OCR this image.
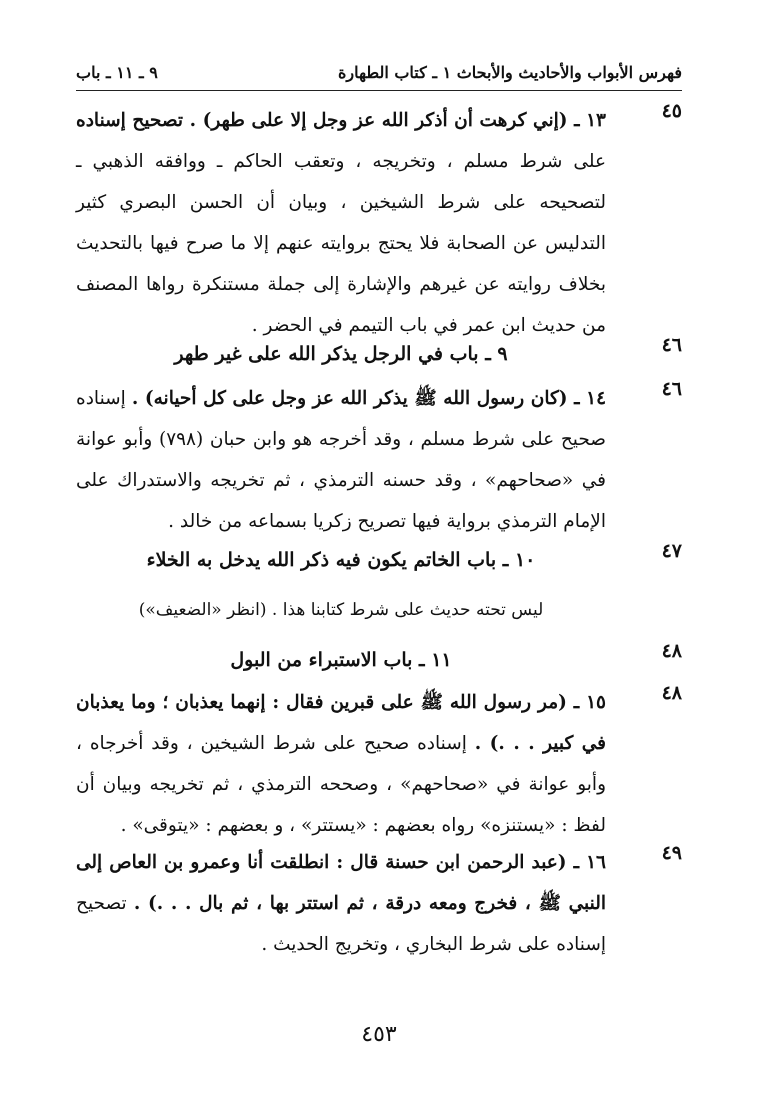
فهرس الأبواب والأحاديث والأبحاث ١ ـ كتاب الطهارة
٩ ـ ١١ ـ باب
٤٥
١٣ ـ (إني كرهت أن أذكر الله عز وجل إلا على طهر) . تصحيح إسناده على شرط مسلم ، وتخريجه ، وتعقب الحاكم ـ ووافقه الذهبي ـ لتصحيحه على شرط الشيخين ، وبيان أن الحسن البصري كثير التدليس عن الصحابة فلا يحتج بروايته عنهم إلا ما صرح فيها بالتحديث بخلاف روايته عن غيرهم والإشارة إلى جملة مستنكرة رواها المصنف من حديث ابن عمر في باب التيمم في الحضر .
٤٦
٩ ـ باب في الرجل يذكر الله على غير طهر
٤٦
١٤ ـ (كان رسول الله ﷺ يذكر الله عز وجل على كل أحيانه) . إسناده صحيح على شرط مسلم ، وقد أخرجه هو وابن حبان (٧٩٨) وأبو عوانة في «صحاحهم» ، وقد حسنه الترمذي ، ثم تخريجه والاستدراك على الإمام الترمذي برواية فيها تصريح زكريا بسماعه من خالد .
٤٧
١٠ ـ باب الخاتم يكون فيه ذكر الله يدخل به الخلاء
ليس تحته حديث على شرط كتابنا هذا . (انظر «الضعيف»)
٤٨
١١ ـ باب الاستبراء من البول
٤٨
١٥ ـ (مر رسول الله ﷺ على قبرين فقال : إنهما يعذبان ؛ وما يعذبان في كبير . . .) . إسناده صحيح على شرط الشيخين ، وقد أخرجاه ، وأبو عوانة في «صحاحهم» ، وصححه الترمذي ، ثم تخريجه وبيان أن لفظ : «يستنزه» رواه بعضهم : «يستتر» ، و بعضهم : «يتوقى» .
٤٩
١٦ ـ (عبد الرحمن ابن حسنة قال : انطلقت أنا وعمرو بن العاص إلى النبي ﷺ ، فخرج ومعه درقة ، ثم استتر بها ، ثم بال . . .) . تصحيح إسناده على شرط البخاري ، وتخريج الحديث .
٤٥٣
